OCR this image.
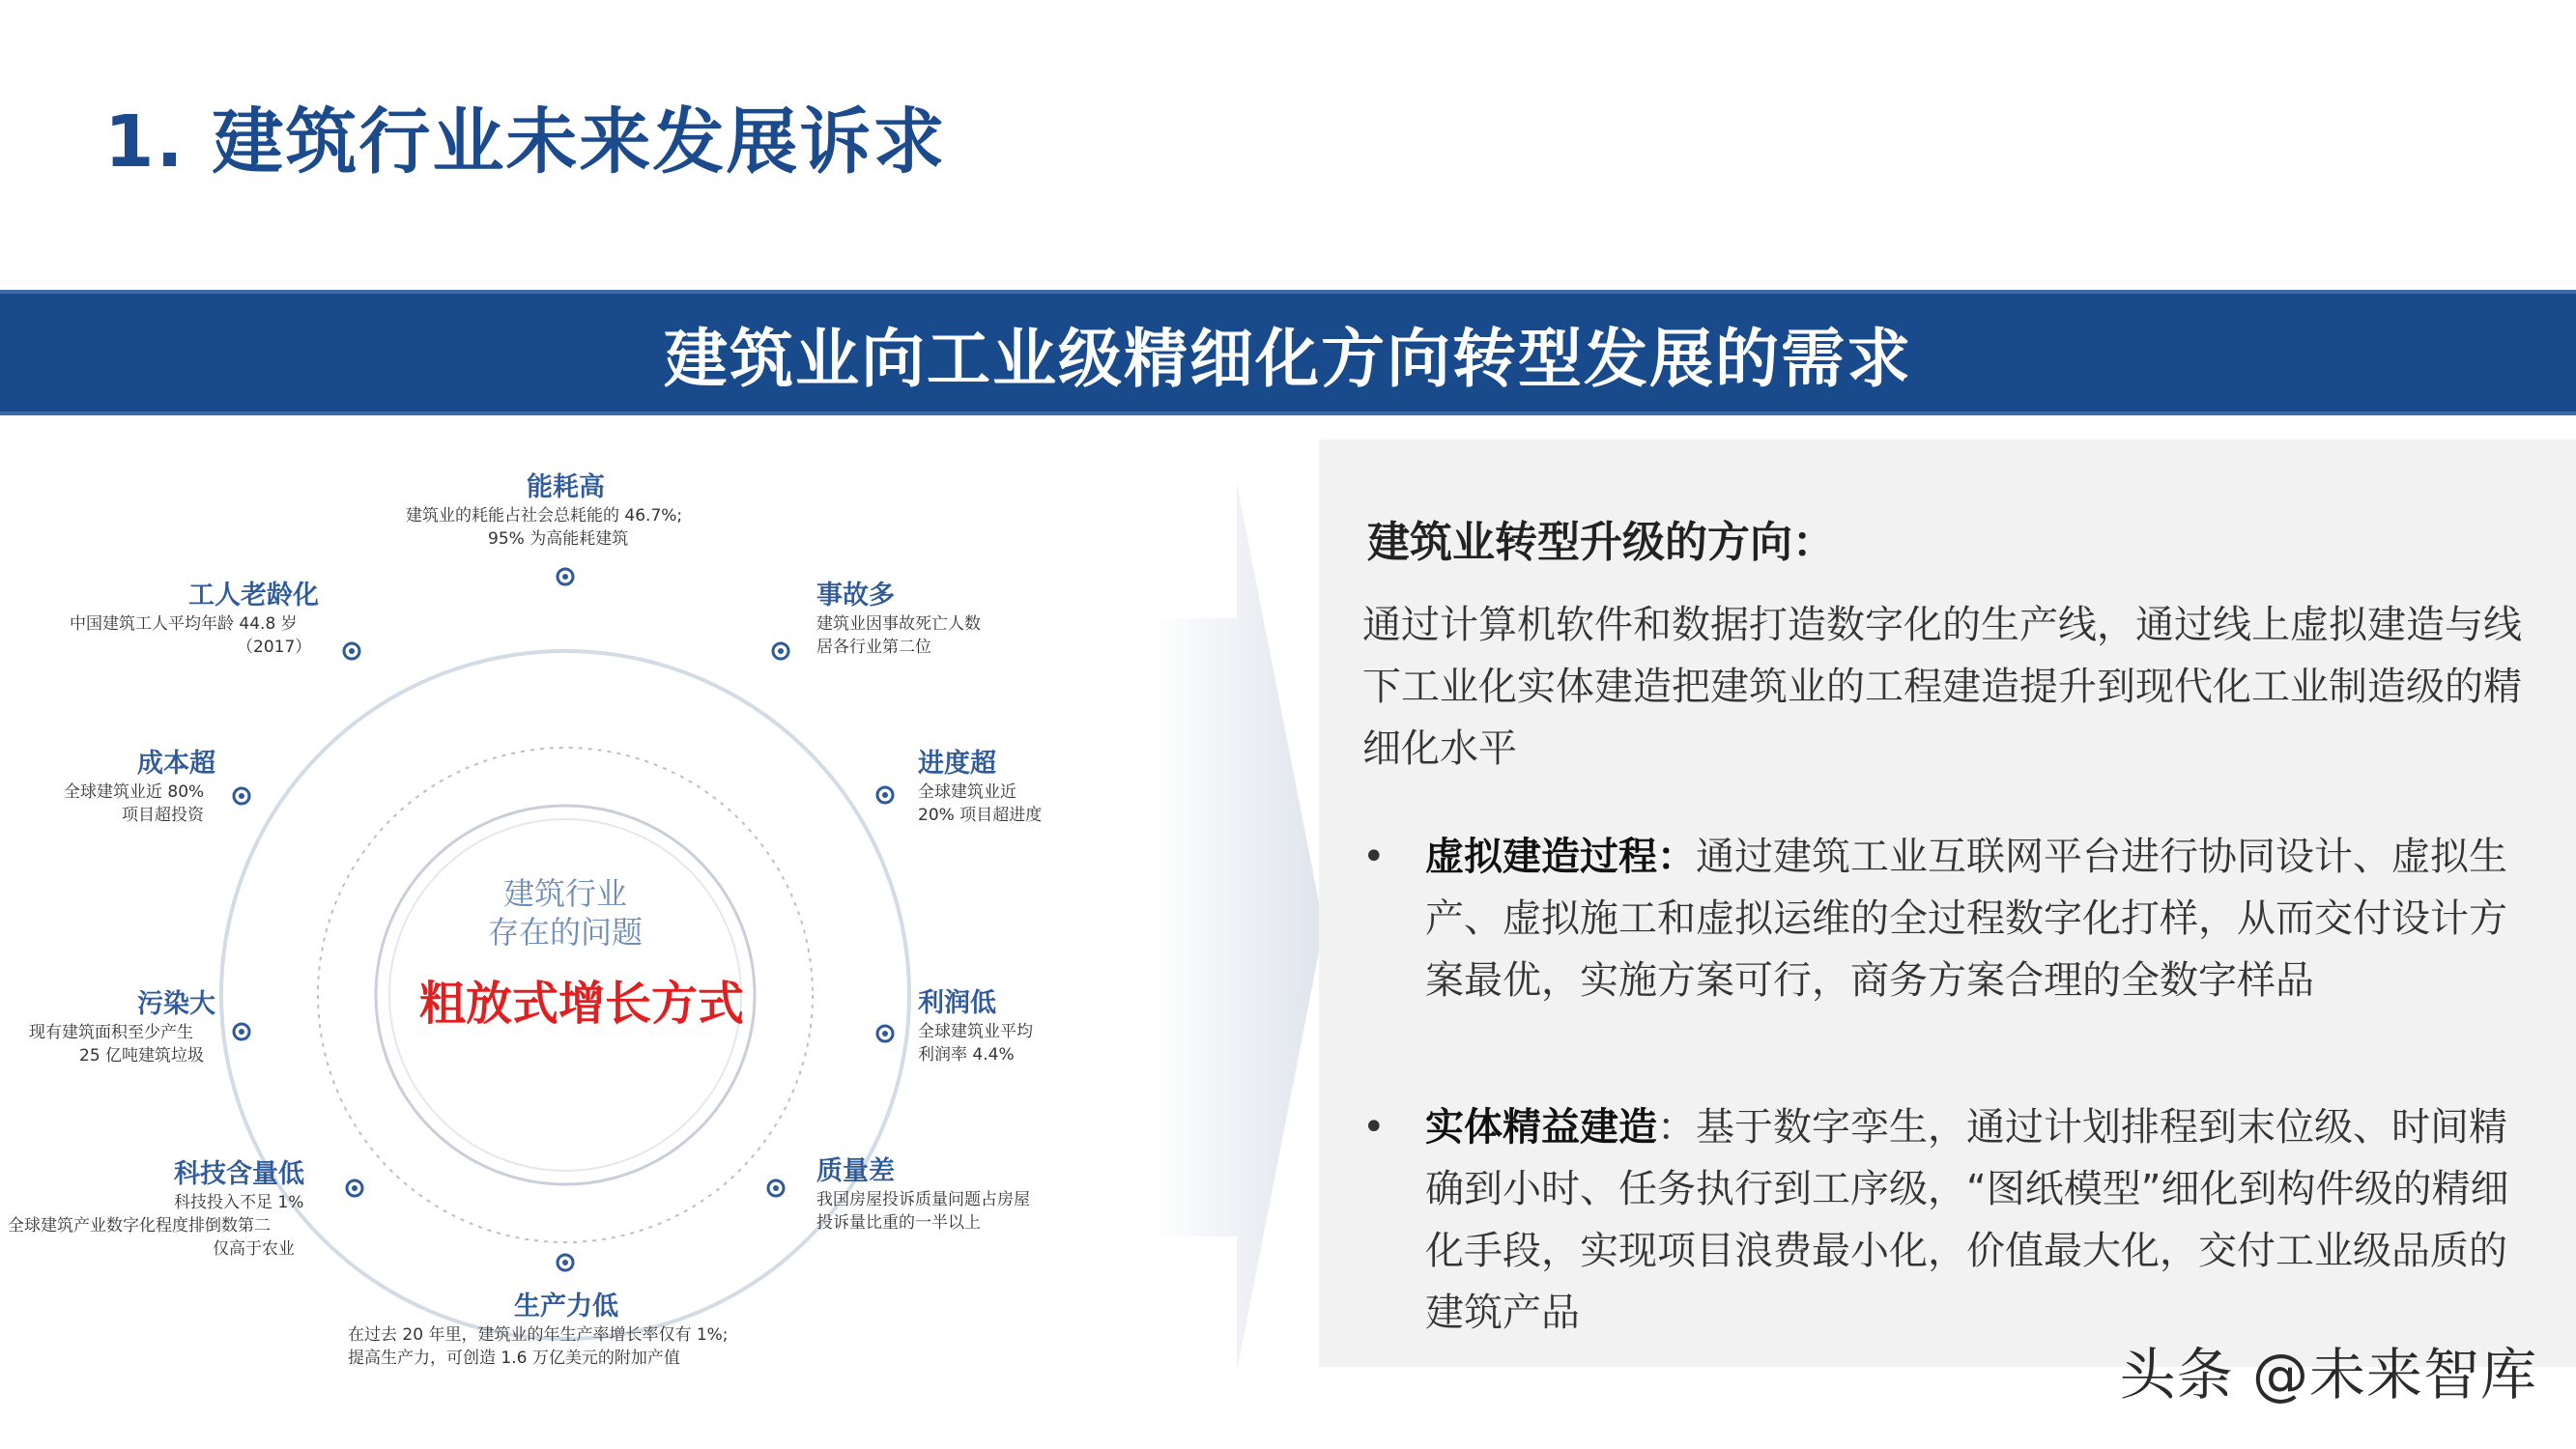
1. 建筑行业未来发展诉求
建筑业向工业级精细化方向转型发展的需求
建筑行业
存在的问题
粗放式增长方式
能耗高
建筑业的耗能占社会总耗能的 46.7%;
95% 为高能耗建筑
事故多
建筑业因事故死亡人数
居各行业第二位
进度超
全球建筑业近
20% 项目超进度
利润低
全球建筑业平均
利润率 4.4%
质量差
我国房屋投诉质量问题占房屋
投诉量比重的一半以上
生产力低
在过去 20 年里，建筑业的年生产率增长率仅有 1%;
提高生产力，可创造 1.6 万亿美元的附加产值
科技含量低
科技投入不足 1%
全球建筑产业数字化程度排倒数第二
仅高于农业
污染大
现有建筑面积至少产生
25 亿吨建筑垃圾
成本超
全球建筑业近 80%
项目超投资
工人老龄化
中国建筑工人平均年龄 44.8 岁
（2017）
建筑业转型升级的方向：
通过计算机软件和数据打造数字化的生产线，通过线上虚拟建造与线下工业化实体建造把建筑业的工程建造提升到现代化工业制造级的精细化水平
•	虚拟建造过程：通过建筑工业互联网平台进行协同设计、虚拟生产、虚拟施工和虚拟运维的全过程数字化打样，从而交付设计方案最优，实施方案可行，商务方案合理的全数字样品
•	实体精益建造：基于数字孪生，通过计划排程到末位级、时间精确到小时、任务执行到工序级，“图纸模型”细化到构件级的精细化手段，实现项目浪费最小化，价值最大化，交付工业级品质的建筑产品
头条 @未来智库
